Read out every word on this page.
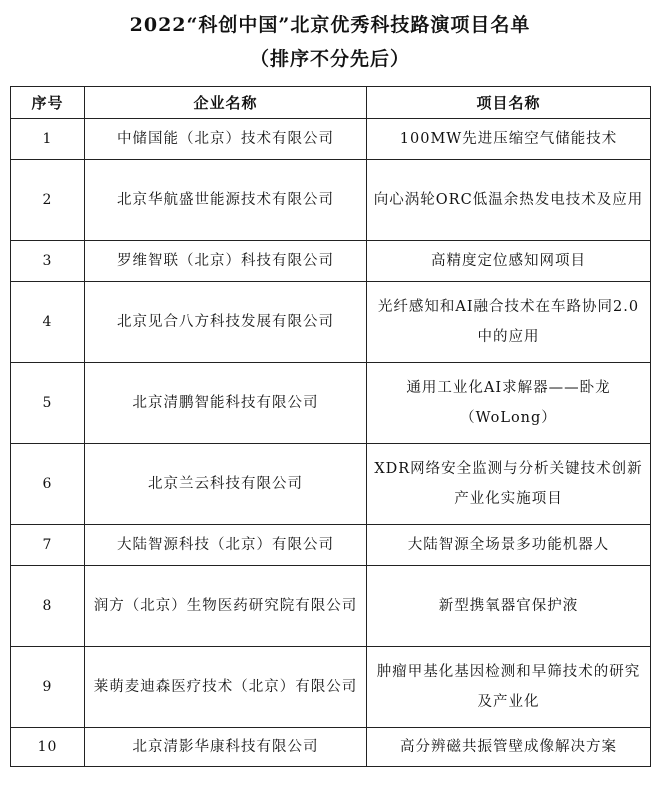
2022“科创中国”北京优秀科技路演项目名单
（排序不分先后）
序号	企业名称	项目名称
1	中储国能（北京）技术有限公司	100MW先进压缩空气储能技术
2	北京华航盛世能源技术有限公司	向心涡轮ORC低温余热发电技术及应用
3	罗维智联（北京）科技有限公司	高精度定位感知网项目
4	北京见合八方科技发展有限公司	光纤感知和AI融合技术在车路协同2.0中的应用
5	北京清鹏智能科技有限公司	通用工业化AI求解器——卧龙（WoLong）
6	北京兰云科技有限公司	XDR网络安全监测与分析关键技术创新产业化实施项目
7	大陆智源科技（北京）有限公司	大陆智源全场景多功能机器人
8	润方（北京）生物医药研究院有限公司	新型携氧器官保护液
9	莱萌麦迪森医疗技术（北京）有限公司	肿瘤甲基化基因检测和早筛技术的研究及产业化
10	北京清影华康科技有限公司	高分辨磁共振管壁成像解决方案
